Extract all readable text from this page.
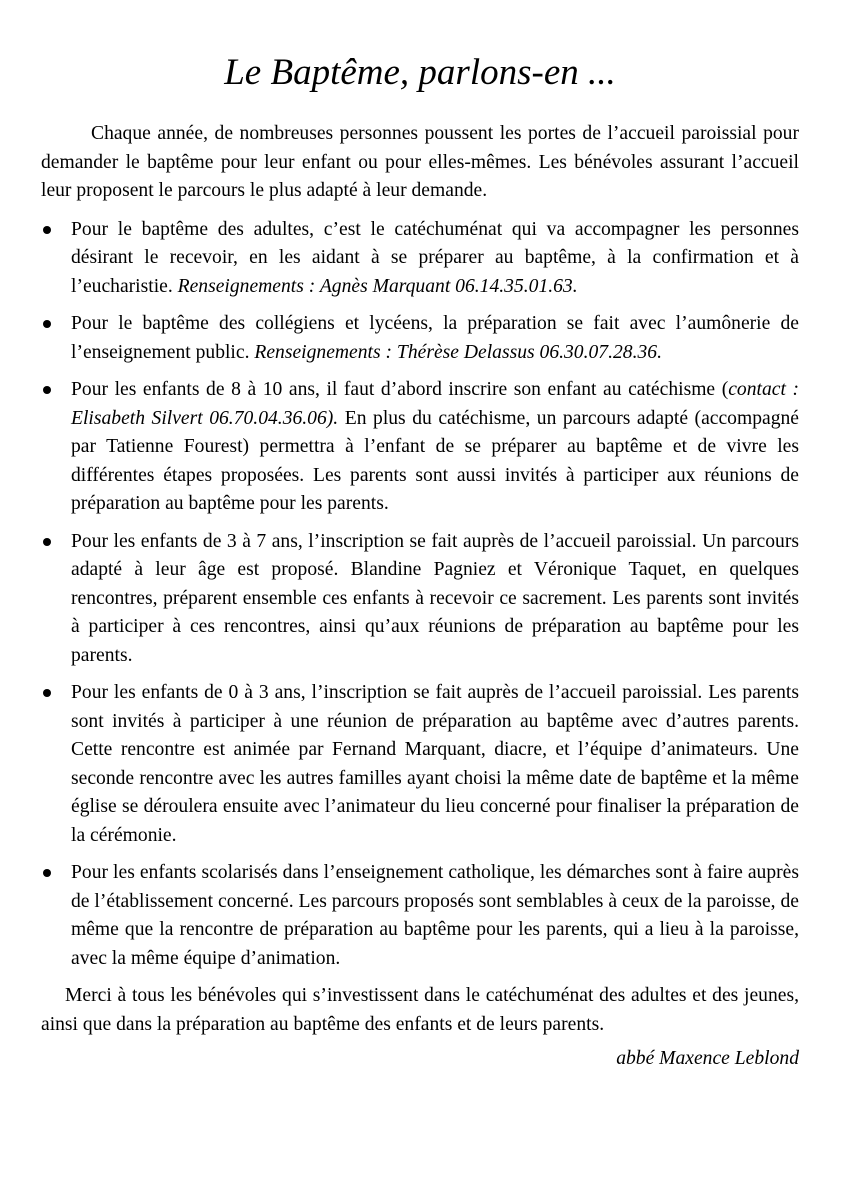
Le Baptême, parlons-en ...

Chaque année, de nombreuses personnes poussent les portes de l’accueil paroissial pour demander le baptême pour leur enfant ou pour elles-mêmes. Les bénévoles assurant l’accueil leur proposent le parcours le plus adapté à leur demande.

Pour le baptême des adultes, c’est le catéchuménat qui va accompagner les personnes désirant le recevoir, en les aidant à se préparer au baptême, à la confirmation et à l’eucharistie. Renseignements : Agnès Marquant 06.14.35.01.63.
Pour le baptême des collégiens et lycéens, la préparation se fait avec l’aumônerie de l’enseignement public. Renseignements : Thérèse Delassus 06.30.07.28.36.
Pour les enfants de 8 à 10 ans, il faut d’abord inscrire son enfant au catéchisme (contact : Elisabeth Silvert 06.70.04.36.06). En plus du catéchisme, un parcours adapté (accompagné par Tatienne Fourest) permettra à l’enfant de se préparer au baptême et de vivre les différentes étapes proposées. Les parents sont aussi invités à participer aux réunions de préparation au baptême pour les parents.
Pour les enfants de 3 à 7 ans, l’inscription se fait auprès de l’accueil paroissial. Un parcours adapté à leur âge est proposé. Blandine Pagniez et Véronique Taquet, en quelques rencontres, préparent ensemble ces enfants à recevoir ce sacrement. Les parents sont invités à participer à ces rencontres, ainsi qu’aux réunions de préparation au baptême pour les parents.
Pour les enfants de 0 à 3 ans, l’inscription se fait auprès de l’accueil paroissial. Les parents sont invités à participer à une réunion de préparation au baptême avec d’autres parents. Cette rencontre est animée par Fernand Marquant, diacre, et l’équipe d’animateurs. Une seconde rencontre avec les autres familles ayant choisi la même date de baptême et la même église se déroulera ensuite avec l’animateur du lieu concerné pour finaliser la préparation de la cérémonie.
Pour les enfants scolarisés dans l’enseignement catholique, les démarches sont à faire auprès de l’établissement concerné. Les parcours proposés sont semblables à ceux de la paroisse, de même que la rencontre de préparation au baptême pour les parents, qui a lieu à la paroisse, avec la même équipe d’animation.

Merci à tous les bénévoles qui s’investissent dans le catéchuménat des adultes et des jeunes, ainsi que dans la préparation au baptême des enfants et de leurs parents.

abbé Maxence Leblond
